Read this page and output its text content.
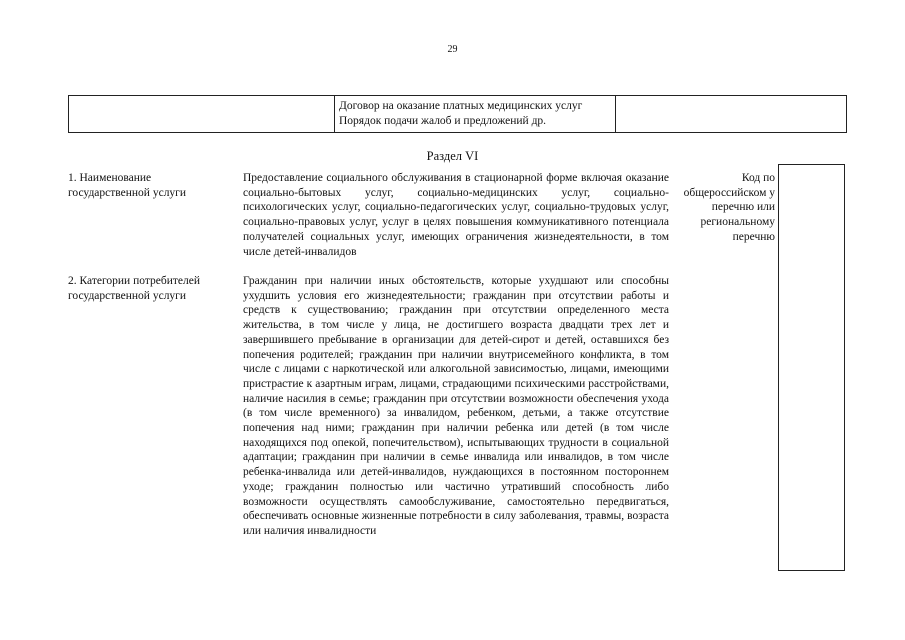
29
Договор на оказание платных медицинских услуг
Порядок подачи жалоб и предложений др.
Раздел VI
1. Наименование государственной услуги
Предоставление социального обслуживания в стационарной форме включая оказание социально-бытовых услуг, социально-медицинских услуг, социально-психологических услуг, социально-педагогических услуг, социально-трудовых услуг, социально-правовых услуг, услуг в целях повышения коммуникативного потенциала получателей социальных услуг, имеющих ограничения жизнедеятельности, в том числе детей-инвалидов
2. Категории потребителей государственной услуги
Гражданин при наличии иных обстоятельств, которые ухудшают или способны ухудшить условия его жизнедеятельности; гражданин при отсутствии работы и средств к существованию; гражданин при отсутствии определенного места жительства, в том числе у лица, не достигшего возраста двадцати трех лет и завершившего пребывание в организации для детей-сирот и детей, оставшихся без попечения родителей; гражданин при наличии внутрисемейного конфликта, в том числе с лицами с наркотической или алкогольной зависимостью, лицами, имеющими пристрастие к азартным играм, лицами, страдающими психическими расстройствами, наличие насилия в семье; гражданин при отсутствии возможности обеспечения ухода (в том числе временного) за инвалидом, ребенком, детьми, а также отсутствие попечения над ними; гражданин при наличии ребенка или детей (в том числе находящихся под опекой, попечительством), испытывающих трудности в социальной адаптации; гражданин при наличии в семье инвалида или инвалидов, в том числе ребенка-инвалида или детей-инвалидов, нуждающихся в постоянном постороннем уходе; гражданин полностью или частично утративший способность либо возможности осуществлять самообслуживание, самостоятельно передвигаться, обеспечивать основные жизненные потребности в силу заболевания, травмы, возраста или наличия инвалидности
Код по общероссийском у перечню или региональному перечню
